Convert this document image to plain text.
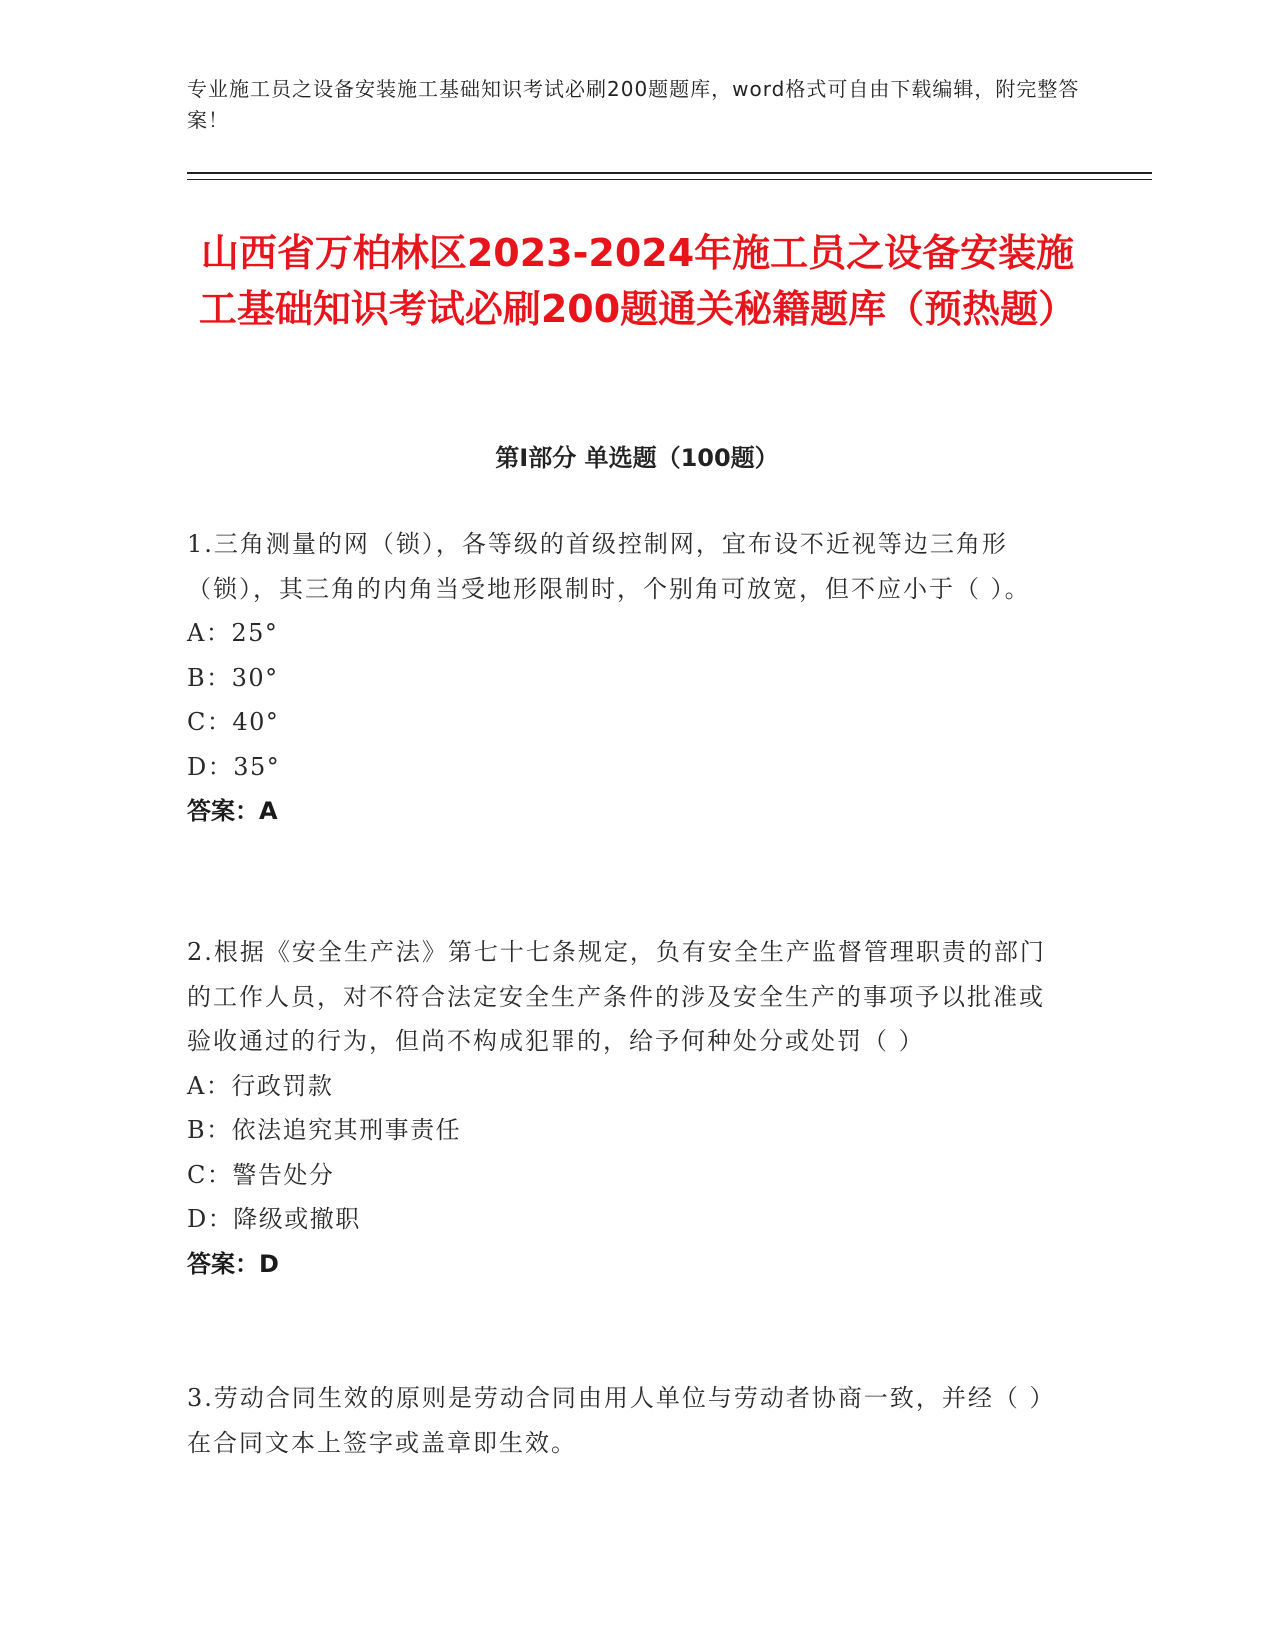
专业施工员之设备安装施工基础知识考试必刷200题题库，word格式可自由下载编辑，附完整答案！
山西省万柏林区2023-2024年施工员之设备安装施工基础知识考试必刷200题通关秘籍题库（预热题）
第I部分 单选题（100题）
1.三角测量的网（锁），各等级的首级控制网，宜布设不近视等边三角形（锁），其三角的内角当受地形限制时，个别角可放宽，但不应小于（ ）。
A：25°
B：30°
C：40°
D：35°
答案：A
2.根据《安全生产法》第七十七条规定，负有安全生产监督管理职责的部门的工作人员，对不符合法定安全生产条件的涉及安全生产的事项予以批准或验收通过的行为，但尚不构成犯罪的，给予何种处分或处罚（ ）
A：行政罚款
B：依法追究其刑事责任
C：警告处分
D：降级或撤职
答案：D
3.劳动合同生效的原则是劳动合同由用人单位与劳动者协商一致，并经（ ）在合同文本上签字或盖章即生效。
